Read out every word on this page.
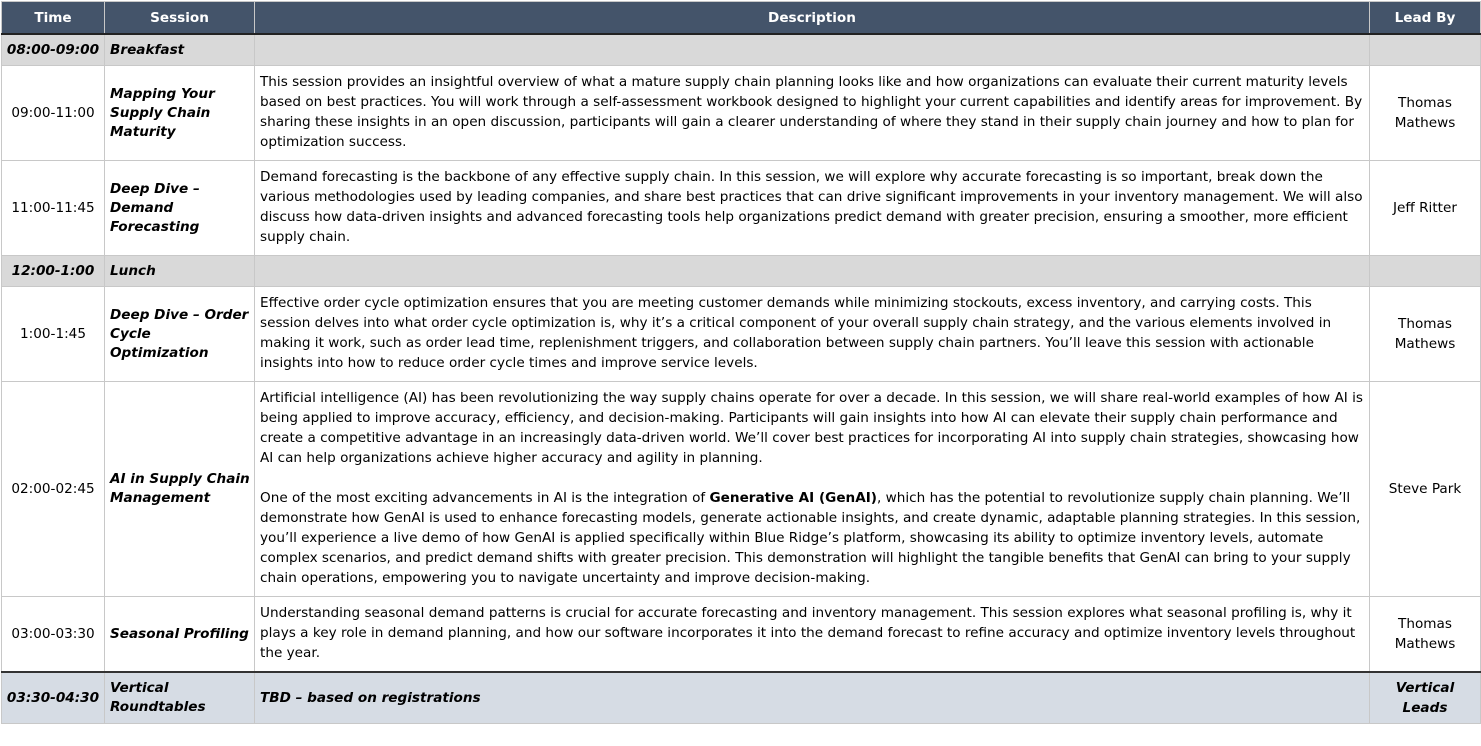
Time	Session	Description	Lead By
08:00-09:00	Breakfast		
09:00-11:00	Mapping Your Supply Chain Maturity	This session provides an insightful overview of what a mature supply chain planning looks like and how organizations can evaluate their current maturity levels based on best practices. You will work through a self-assessment workbook designed to highlight your current capabilities and identify areas for improvement. By sharing these insights in an open discussion, participants will gain a clearer understanding of where they stand in their supply chain journey and how to plan for optimization success.	Thomas Mathews
11:00-11:45	Deep Dive – Demand Forecasting	Demand forecasting is the backbone of any effective supply chain. In this session, we will explore why accurate forecasting is so important, break down the various methodologies used by leading companies, and share best practices that can drive significant improvements in your inventory management. We will also discuss how data-driven insights and advanced forecasting tools help organizations predict demand with greater precision, ensuring a smoother, more efficient supply chain.	Jeff Ritter
12:00-1:00	Lunch		
1:00-1:45	Deep Dive – Order Cycle Optimization	Effective order cycle optimization ensures that you are meeting customer demands while minimizing stockouts, excess inventory, and carrying costs. This session delves into what order cycle optimization is, why it’s a critical component of your overall supply chain strategy, and the various elements involved in making it work, such as order lead time, replenishment triggers, and collaboration between supply chain partners. You’ll leave this session with actionable insights into how to reduce order cycle times and improve service levels.	Thomas Mathews
02:00-02:45	AI in Supply Chain Management	Artificial intelligence (AI) has been revolutionizing the way supply chains operate for over a decade. In this session, we will share real-world examples of how AI is being applied to improve accuracy, efficiency, and decision-making. Participants will gain insights into how AI can elevate their supply chain performance and create a competitive advantage in an increasingly data-driven world. We’ll cover best practices for incorporating AI into supply chain strategies, showcasing how AI can help organizations achieve higher accuracy and agility in planning.

One of the most exciting advancements in AI is the integration of Generative AI (GenAI), which has the potential to revolutionize supply chain planning. We’ll demonstrate how GenAI is used to enhance forecasting models, generate actionable insights, and create dynamic, adaptable planning strategies. In this session, you’ll experience a live demo of how GenAI is applied specifically within Blue Ridge’s platform, showcasing its ability to optimize inventory levels, automate complex scenarios, and predict demand shifts with greater precision. This demonstration will highlight the tangible benefits that GenAI can bring to your supply chain operations, empowering you to navigate uncertainty and improve decision-making.	Steve Park
03:00-03:30	Seasonal Profiling	Understanding seasonal demand patterns is crucial for accurate forecasting and inventory management. This session explores what seasonal profiling is, why it plays a key role in demand planning, and how our software incorporates it into the demand forecast to refine accuracy and optimize inventory levels throughout the year.	Thomas Mathews
03:30-04:30	Vertical Roundtables	TBD – based on registrations	Vertical Leads
